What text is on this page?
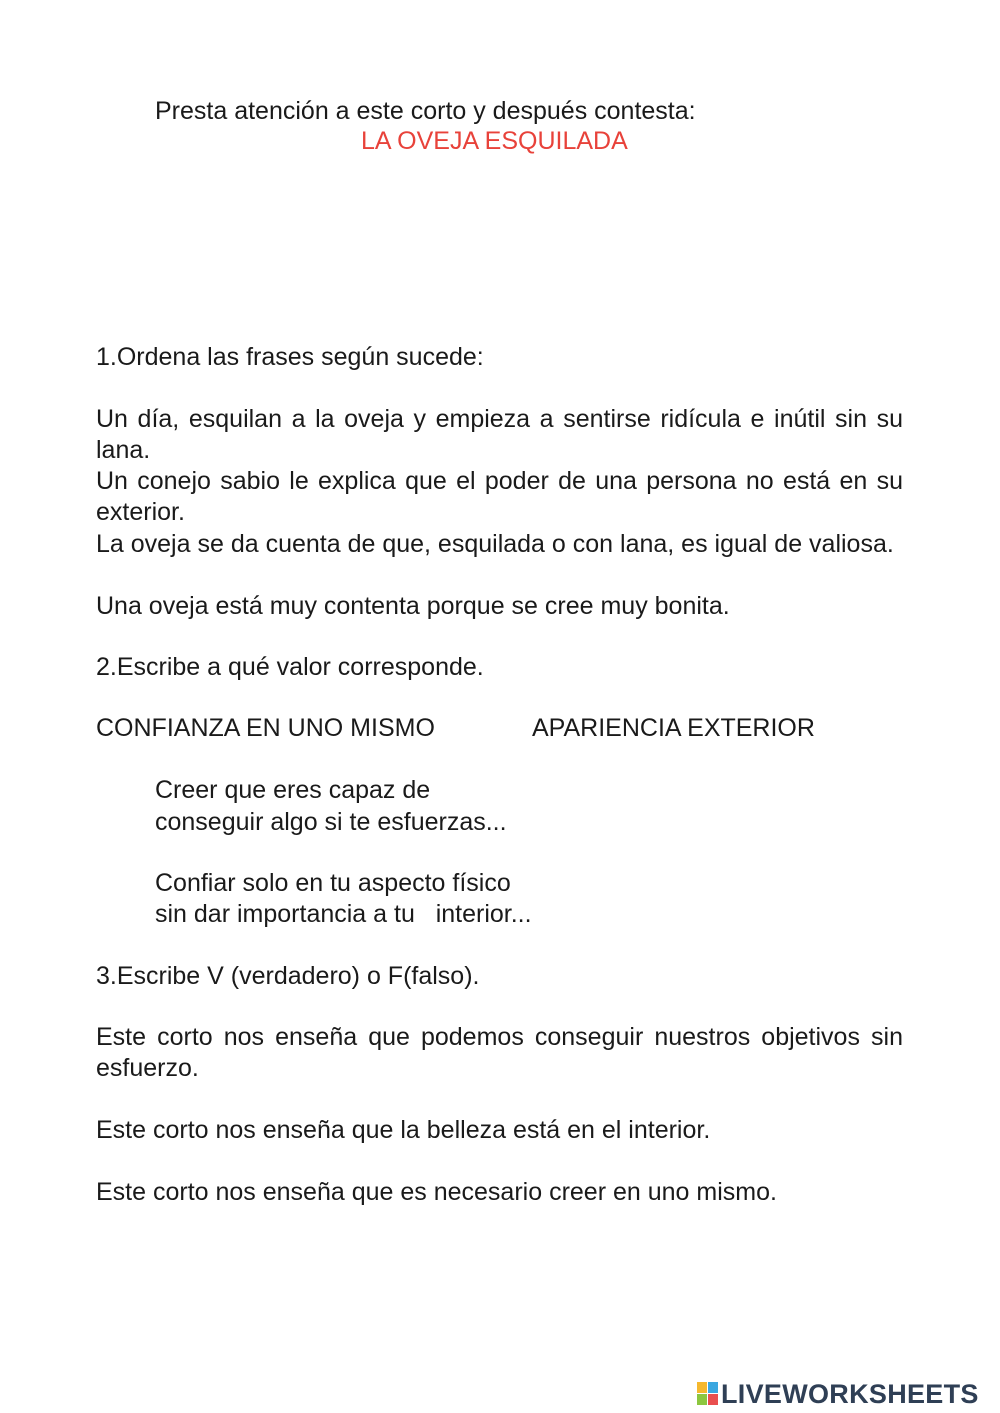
Presta atención a este corto y después contesta:
LA OVEJA ESQUILADA
1.Ordena las frases según sucede:
Un día, esquilan a la oveja y empieza a sentirse ridícula e inútil sin su lana.
Un conejo sabio le explica que el poder de una persona no está en su exterior.
La oveja se da cuenta de que, esquilada o con lana, es igual de valiosa.
Una oveja está muy contenta porque se cree muy bonita.
2.Escribe a qué valor corresponde.
CONFIANZA EN UNO MISMO	APARIENCIA EXTERIOR
Creer que eres capaz de
conseguir algo si te esfuerzas...
Confiar solo en tu aspecto físico
sin dar importancia a tu   interior...
3.Escribe V (verdadero) o F(falso).
Este corto nos enseña que podemos conseguir nuestros objetivos sin esfuerzo.
Este corto nos enseña que la belleza está en el interior.
Este corto nos enseña que es necesario creer en uno mismo.
LIVEWORKSHEETS
